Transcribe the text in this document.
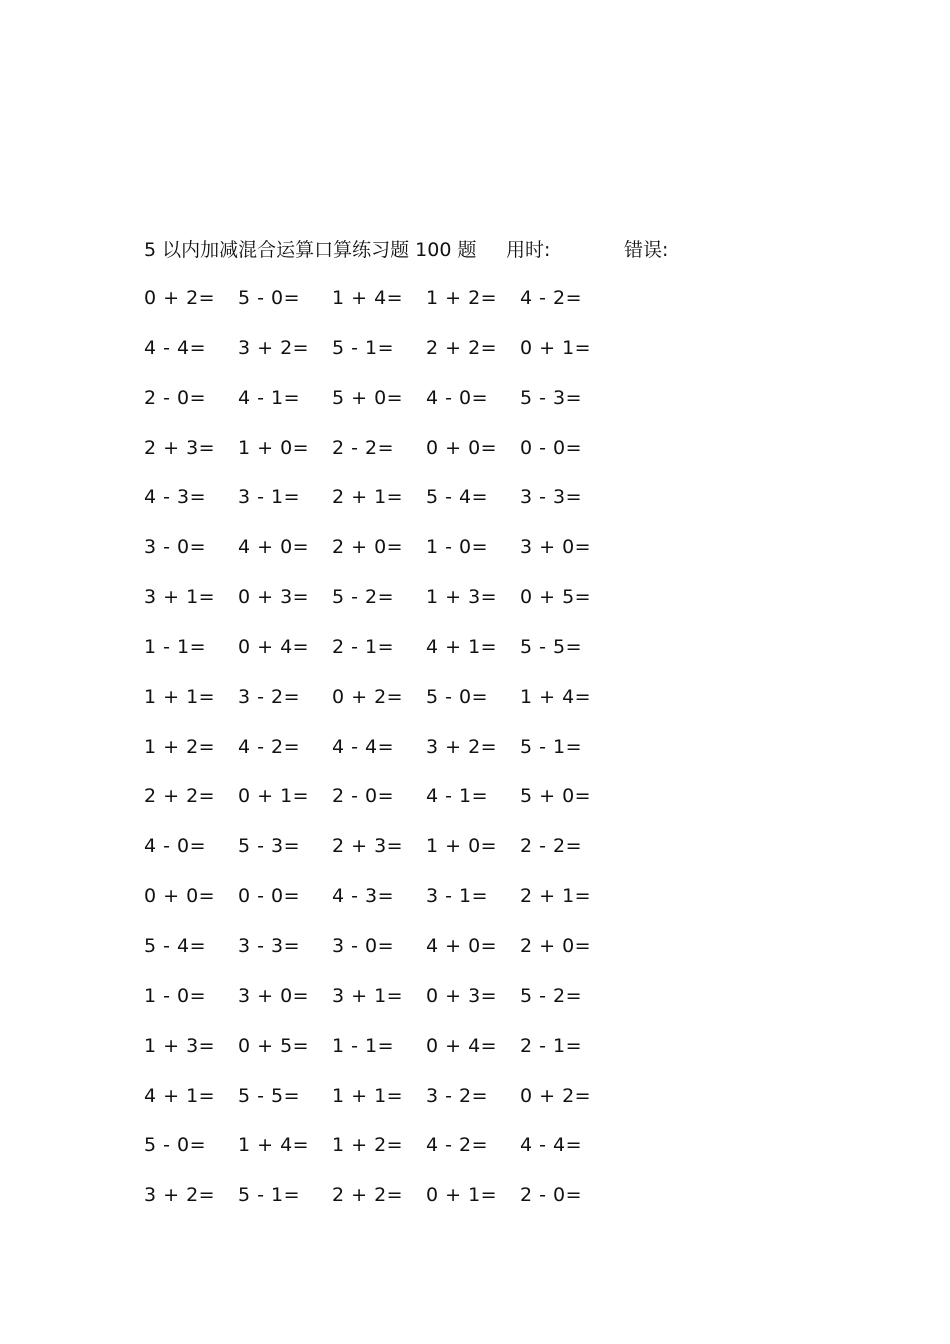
5 以内加减混合运算口算练习题 100 题 用时:	错误:
0 + 2=	5 - 0=	1 + 4=	1 + 2=	4 - 2=
4 - 4=	3 + 2=	5 - 1=	2 + 2=	0 + 1=
2 - 0=	4 - 1=	5 + 0=	4 - 0=	5 - 3=
2 + 3=	1 + 0=	2 - 2=	0 + 0=	0 - 0=
4 - 3=	3 - 1=	2 + 1=	5 - 4=	3 - 3=
3 - 0=	4 + 0=	2 + 0=	1 - 0=	3 + 0=
3 + 1=	0 + 3=	5 - 2=	1 + 3=	0 + 5=
1 - 1=	0 + 4=	2 - 1=	4 + 1=	5 - 5=
1 + 1=	3 - 2=	0 + 2=	5 - 0=	1 + 4=
1 + 2=	4 - 2=	4 - 4=	3 + 2=	5 - 1=
2 + 2=	0 + 1=	2 - 0=	4 - 1=	5 + 0=
4 - 0=	5 - 3=	2 + 3=	1 + 0=	2 - 2=
0 + 0=	0 - 0=	4 - 3=	3 - 1=	2 + 1=
5 - 4=	3 - 3=	3 - 0=	4 + 0=	2 + 0=
1 - 0=	3 + 0=	3 + 1=	0 + 3=	5 - 2=
1 + 3=	0 + 5=	1 - 1=	0 + 4=	2 - 1=
4 + 1=	5 - 5=	1 + 1=	3 - 2=	0 + 2=
5 - 0=	1 + 4=	1 + 2=	4 - 2=	4 - 4=
3 + 2=	5 - 1=	2 + 2=	0 + 1=	2 - 0=
